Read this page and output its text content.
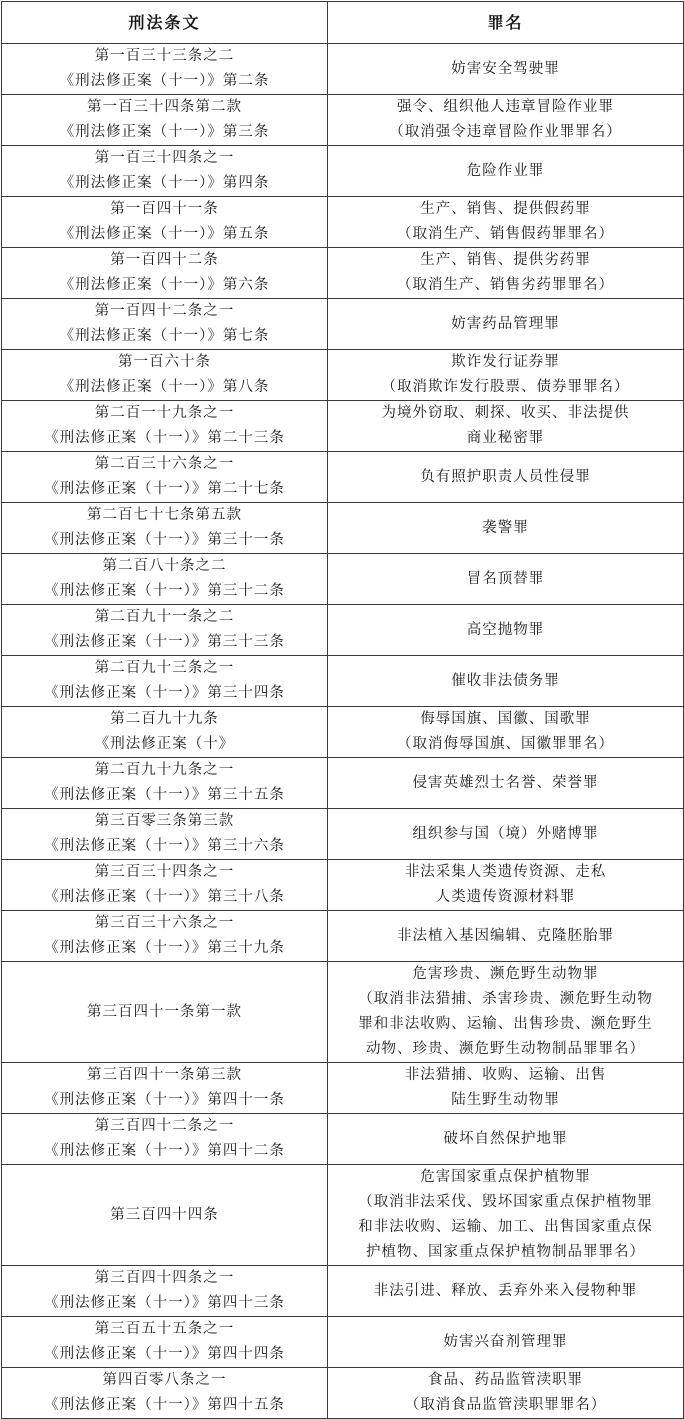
刑法条文	罪名

第一百三十三条之二
《刑法修正案（十一）》第二条	妨害安全驾驶罪

第一百三十四条第二款
《刑法修正案（十一）》第三条	强令、组织他人违章冒险作业罪
（取消强令违章冒险作业罪罪名）

第一百三十四条之一
《刑法修正案（十一）》第四条	危险作业罪

第一百四十一条
《刑法修正案（十一）》第五条	生产、销售、提供假药罪
（取消生产、销售假药罪罪名）

第一百四十二条
《刑法修正案（十一）》第六条	生产、销售、提供劣药罪
（取消生产、销售劣药罪罪名）

第一百四十二条之一
《刑法修正案（十一）》第七条	妨害药品管理罪

第一百六十条
《刑法修正案（十一）》第八条	欺诈发行证券罪
（取消欺诈发行股票、债券罪罪名）

第二百一十九条之一
《刑法修正案（十一）》第二十三条	为境外窃取、刺探、收买、非法提供
商业秘密罪

第二百三十六条之一
《刑法修正案（十一）》第二十七条	负有照护职责人员性侵罪

第二百七十七条第五款
《刑法修正案（十一）》第三十一条	袭警罪

第二百八十条之二
《刑法修正案（十一）》第三十二条	冒名顶替罪

第二百九十一条之二
《刑法修正案（十一）》第三十三条	高空抛物罪

第二百九十三条之一
《刑法修正案（十一）》第三十四条	催收非法债务罪

第二百九十九条
《刑法修正案（十》	侮辱国旗、国徽、国歌罪
（取消侮辱国旗、国徽罪罪名）

第二百九十九条之一
《刑法修正案（十一）》第三十五条	侵害英雄烈士名誉、荣誉罪

第三百零三条第三款
《刑法修正案（十一）》第三十六条	组织参与国（境）外赌博罪

第三百三十四条之一
《刑法修正案（十一）》第三十八条	非法采集人类遗传资源、走私
人类遗传资源材料罪

第三百三十六条之一
《刑法修正案（十一）》第三十九条	非法植入基因编辑、克隆胚胎罪

第三百四十一条第一款	危害珍贵、濒危野生动物罪
（取消非法猎捕、杀害珍贵、濒危野生动物
罪和非法收购、运输、出售珍贵、濒危野生
动物、珍贵、濒危野生动物制品罪罪名）

第三百四十一条第三款
《刑法修正案（十一）》第四十一条	非法猎捕、收购、运输、出售
陆生野生动物罪

第三百四十二条之一
《刑法修正案（十一）》第四十二条	破坏自然保护地罪

第三百四十四条	危害国家重点保护植物罪
（取消非法采伐、毁坏国家重点保护植物罪
和非法收购、运输、加工、出售国家重点保
护植物、国家重点保护植物制品罪罪名）

第三百四十四条之一
《刑法修正案（十一）》第四十三条	非法引进、释放、丢弃外来入侵物种罪

第三百五十五条之一
《刑法修正案（十一）》第四十四条	妨害兴奋剂管理罪

第四百零八条之一
《刑法修正案（十一）》第四十五条	食品、药品监管渎职罪
（取消食品监管渎职罪罪名）
